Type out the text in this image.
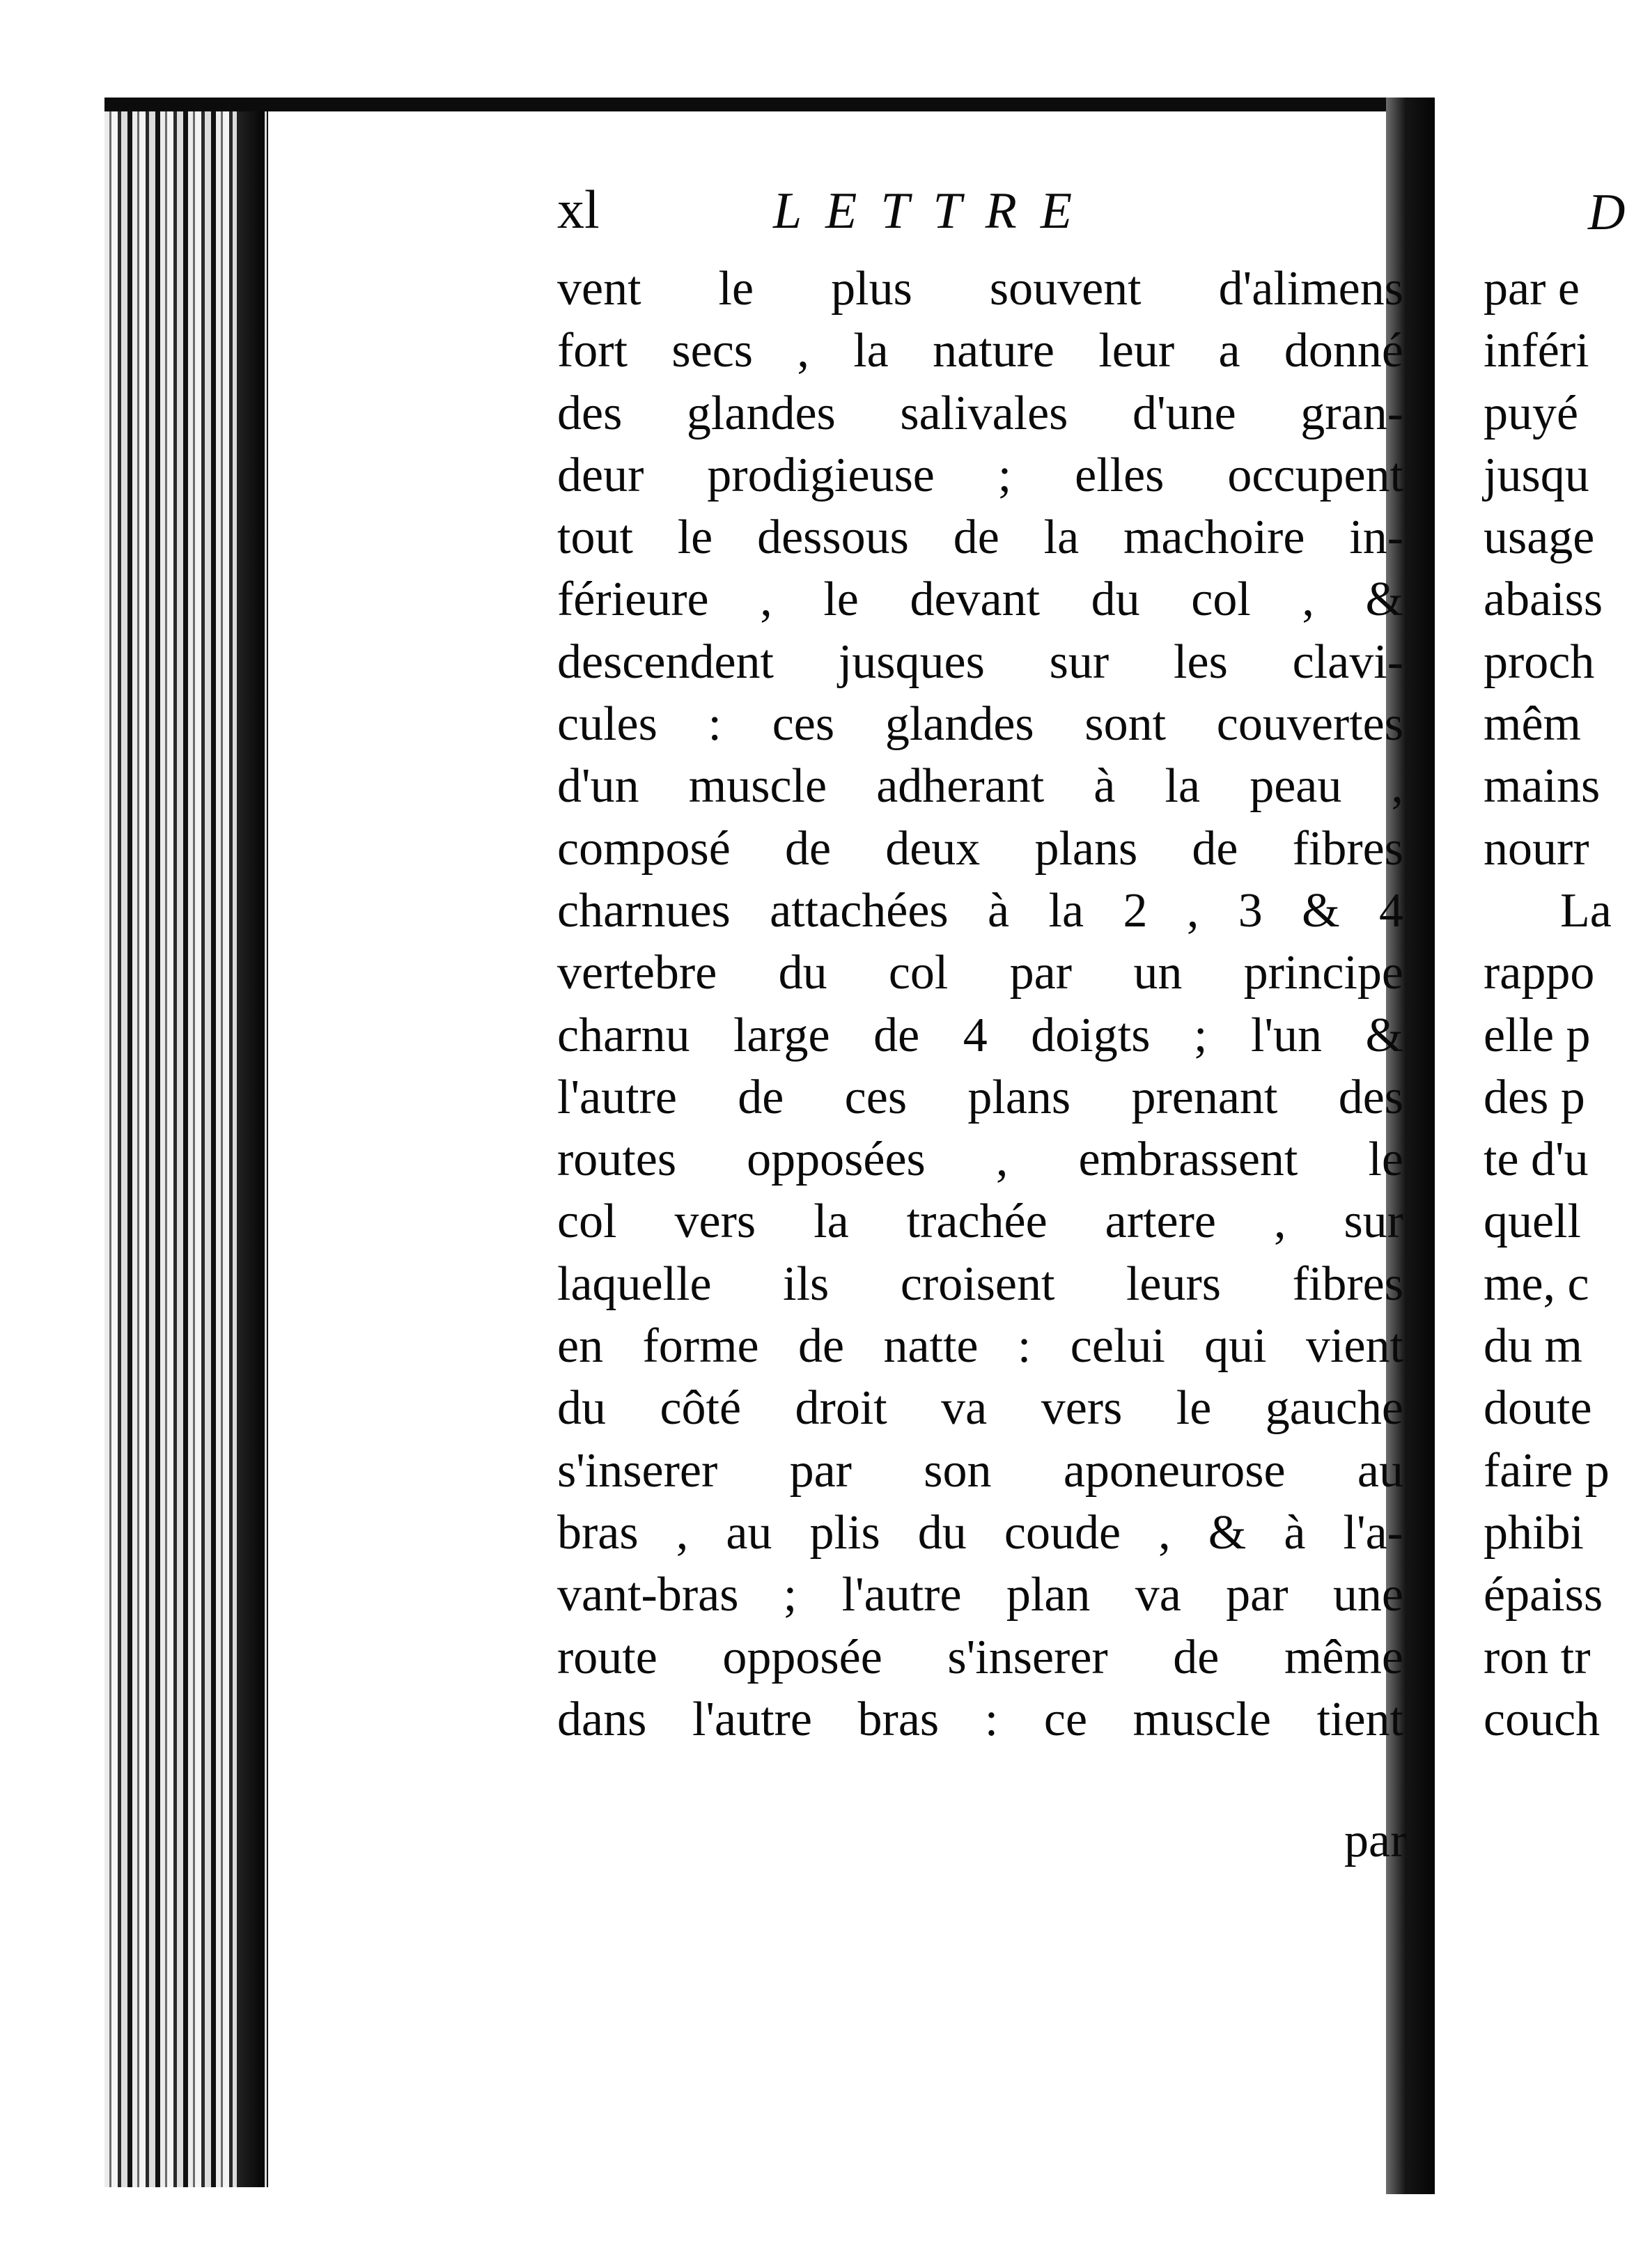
xl	LETTRE
vent le plus souvent d'alimens
fort secs , la nature leur a donné
des glandes salivales d'une gran-
deur prodigieuse ; elles occupent
tout le dessous de la machoire in-
férieure , le devant du col , &
descendent jusques sur les clavi-
cules : ces glandes sont couvertes
d'un muscle adherant à la peau ,
composé de deux plans de fibres
charnues attachées à la 2 , 3 & 4
vertebre du col par un principe
charnu large de 4 doigts ; l'un &
l'autre de ces plans prenant des
routes opposées , embrassent le
col vers la trachée artere , sur
laquelle ils croisent leurs fibres
en forme de natte : celui qui vient
du côté droit va vers le gauche
s'inserer par son aponeurose au
bras , au plis du coude , & à l'a-
vant-bras ; l'autre plan va par une
route opposée s'inserer de même
dans l'autre bras : ce muscle tient
par
D
par e
inféri
puyé
jusqu
usage
abaiss
proch
mêm
mains
nourr
La
rappo
elle p
des p
te d'u
quell
me, c
du m
doute
faire p
phibi
épaiss
ron tr
couch
